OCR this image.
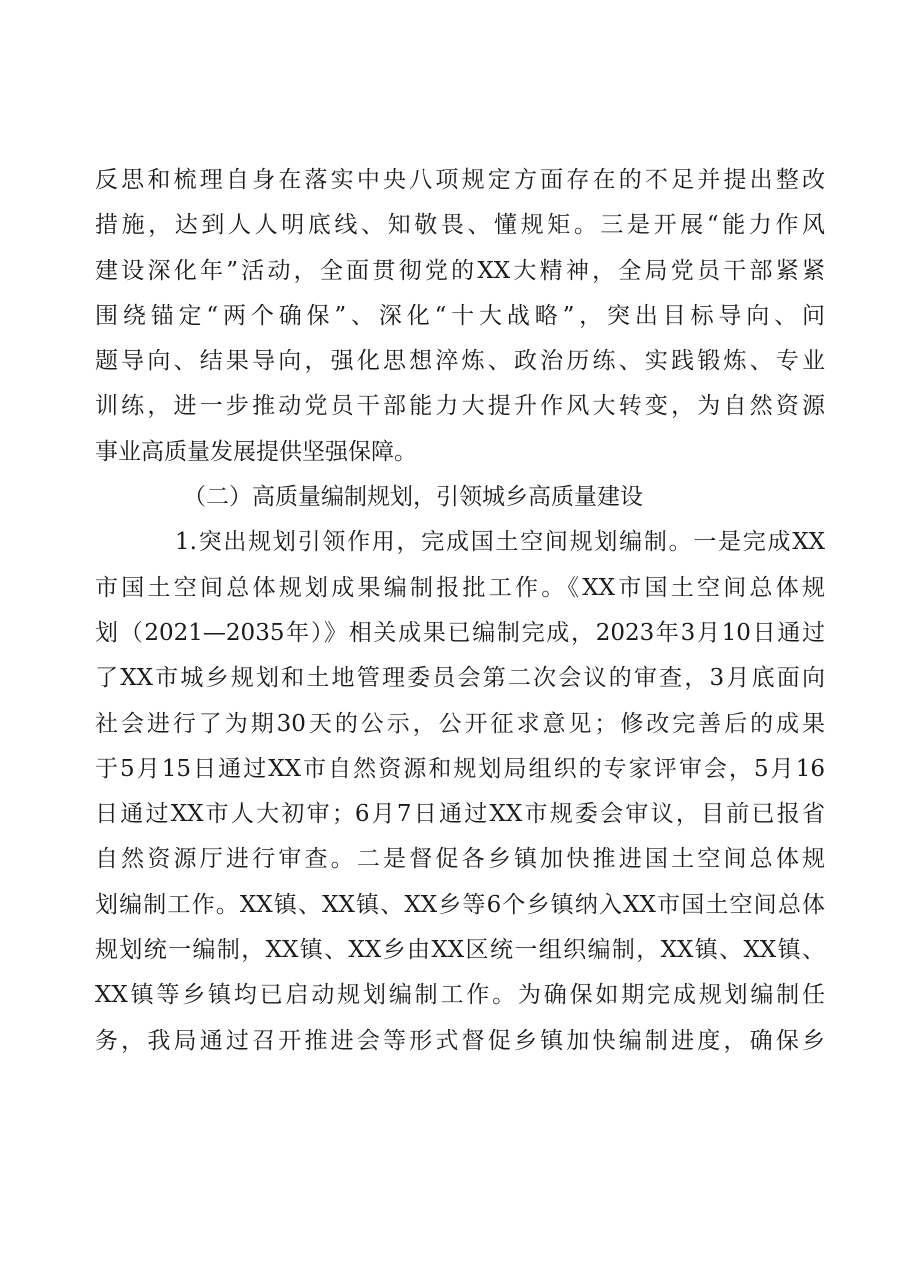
反思和梳理自身在落实中央八项规定方面存在的不足并提出整改
措施，达到人人明底线、知敬畏、懂规矩。三是开展“能力作风
建设深化年”活动，全面贯彻党的XX大精神，全局党员干部紧紧
围绕锚定“两个确保”、深化“十大战略”，突出目标导向、问
题导向、结果导向，强化思想淬炼、政治历练、实践锻炼、专业
训练，进一步推动党员干部能力大提升作风大转变，为自然资源
事业高质量发展提供坚强保障。
（二）高质量编制规划，引领城乡高质量建设
1.突出规划引领作用，完成国土空间规划编制。一是完成XX
市国土空间总体规划成果编制报批工作。《XX市国土空间总体规
划（2021—2035年）》相关成果已编制完成，2023年3月10日通过
了XX市城乡规划和土地管理委员会第二次会议的审查，3月底面向
社会进行了为期30天的公示，公开征求意见；修改完善后的成果
于5月15日通过XX市自然资源和规划局组织的专家评审会，5月16
日通过XX市人大初审；6月7日通过XX市规委会审议，目前已报省
自然资源厅进行审查。二是督促各乡镇加快推进国土空间总体规
划编制工作。XX镇、XX镇、XX乡等6个乡镇纳入XX市国土空间总体
规划统一编制，XX镇、XX乡由XX区统一组织编制，XX镇、XX镇、
XX镇等乡镇均已启动规划编制工作。为确保如期完成规划编制任
务，我局通过召开推进会等形式督促乡镇加快编制进度，确保乡
